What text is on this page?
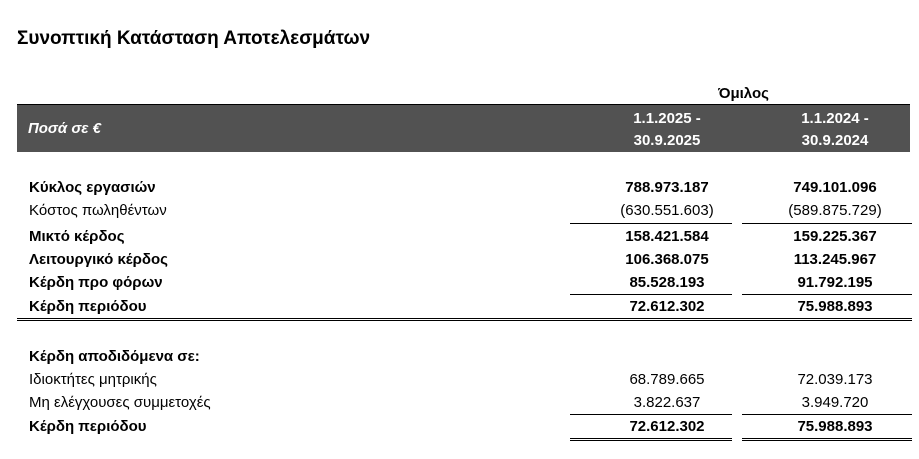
Συνοπτική Κατάσταση Αποτελεσμάτων
Όμιλος
Ποσά σε €
1.1.2025 -
30.9.2025
1.1.2024 -
30.9.2024
Κύκλος εργασιών	788.973.187	749.101.096
Κόστος πωληθέντων	(630.551.603)	(589.875.729)
Μικτό κέρδος	158.421.584	159.225.367
Λειτουργικό κέρδος	106.368.075	113.245.967
Κέρδη προ φόρων	85.528.193	91.792.195
Κέρδη περιόδου	72.612.302	75.988.893
Κέρδη αποδιδόμενα σε:
Ιδιοκτήτες μητρικής	68.789.665	72.039.173
Μη ελέγχουσες συμμετοχές	3.822.637	3.949.720
Κέρδη περιόδου	72.612.302	75.988.893
